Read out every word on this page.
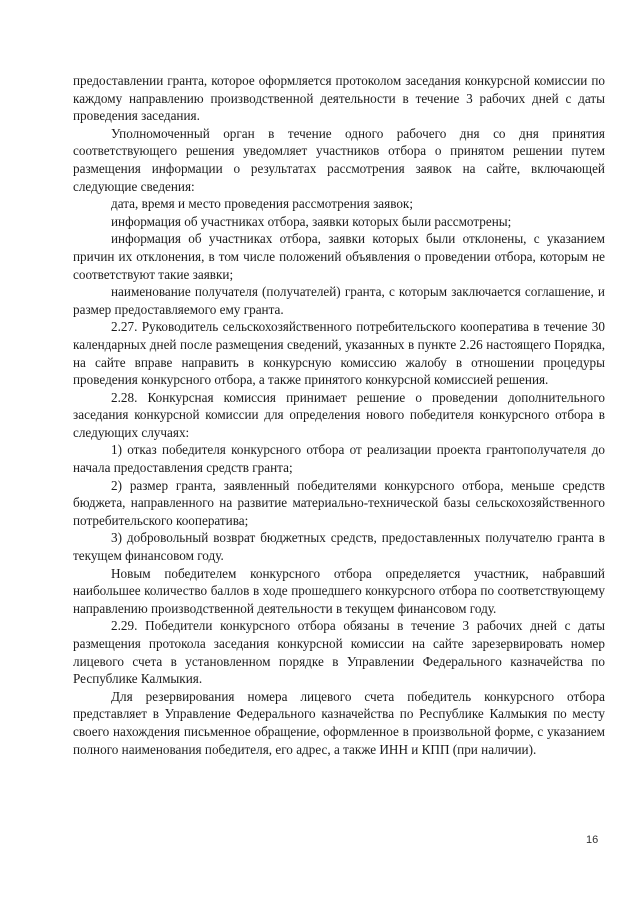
предоставлении гранта, которое оформляется протоколом заседания конкурсной комиссии по каждому направлению производственной деятельности в течение 3 рабочих дней с даты проведения заседания.

Уполномоченный орган в течение одного рабочего дня со дня принятия соответствующего решения уведомляет участников отбора о принятом решении путем размещения информации о результатах рассмотрения заявок на сайте, включающей следующие сведения:

дата, время и место проведения рассмотрения заявок;

информация об участниках отбора, заявки которых были рассмотрены;

информация об участниках отбора, заявки которых были отклонены, с указанием причин их отклонения, в том числе положений объявления о проведении отбора, которым не соответствуют такие заявки;

наименование получателя (получателей) гранта, с которым заключается соглашение, и размер предоставляемого ему гранта.

2.27. Руководитель сельскохозяйственного потребительского кооператива в течение 30 календарных дней после размещения сведений, указанных в пункте 2.26 настоящего Порядка, на сайте вправе направить в конкурсную комиссию жалобу в отношении процедуры проведения конкурсного отбора, а также принятого конкурсной комиссией решения.

2.28. Конкурсная комиссия принимает решение о проведении дополнительного заседания конкурсной комиссии для определения нового победителя конкурсного отбора в следующих случаях:

1) отказ победителя конкурсного отбора от реализации проекта грантополучателя до начала предоставления средств гранта;

2) размер гранта, заявленный победителями конкурсного отбора, меньше средств бюджета, направленного на развитие материально-технической базы сельскохозяйственного потребительского кооператива;

3) добровольный возврат бюджетных средств, предоставленных получателю гранта в текущем финансовом году.

Новым победителем конкурсного отбора определяется участник, набравший наибольшее количество баллов в ходе прошедшего конкурсного отбора по соответствующему направлению производственной деятельности в текущем финансовом году.

2.29. Победители конкурсного отбора обязаны в течение 3 рабочих дней с даты размещения протокола заседания конкурсной комиссии на сайте зарезервировать номер лицевого счета в установленном порядке в Управлении Федерального казначейства по Республике Калмыкия.

Для резервирования номера лицевого счета победитель конкурсного отбора представляет в Управление Федерального казначейства по Республике Калмыкия по месту своего нахождения письменное обращение, оформленное в произвольной форме, с указанием полного наименования победителя, его адрес, а также ИНН и КПП (при наличии).

16
